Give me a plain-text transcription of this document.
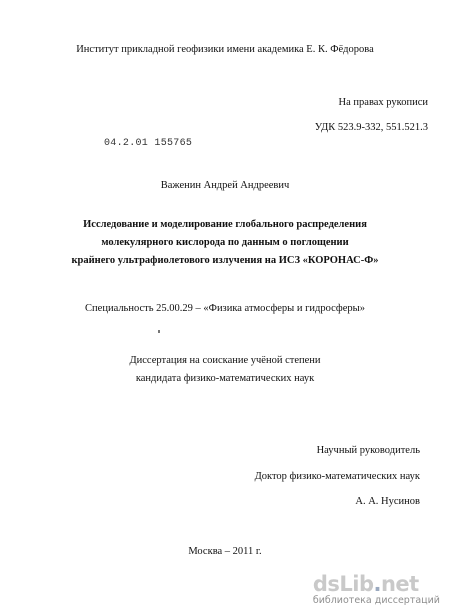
Институт прикладной геофизики имени академика Е. К. Фёдорова
На правах рукописи
УДК 523.9-332, 551.521.3
04.2.01 155765
Важенин Андрей Андреевич
Исследование и моделирование глобального распределения
молекулярного кислорода по данным о поглощении
крайнего ультрафиолетового излучения на ИСЗ «КОРОНАС-Ф»
Специальность 25.00.29 – «Физика атмосферы и гидросферы»
Диссертация на соискание учёной степени
кандидата физико-математических наук
Научный руководитель
Доктор физико-математических наук
А. А. Нусинов
Москва – 2011 г.
dsLib.net
библиотека диссертаций
